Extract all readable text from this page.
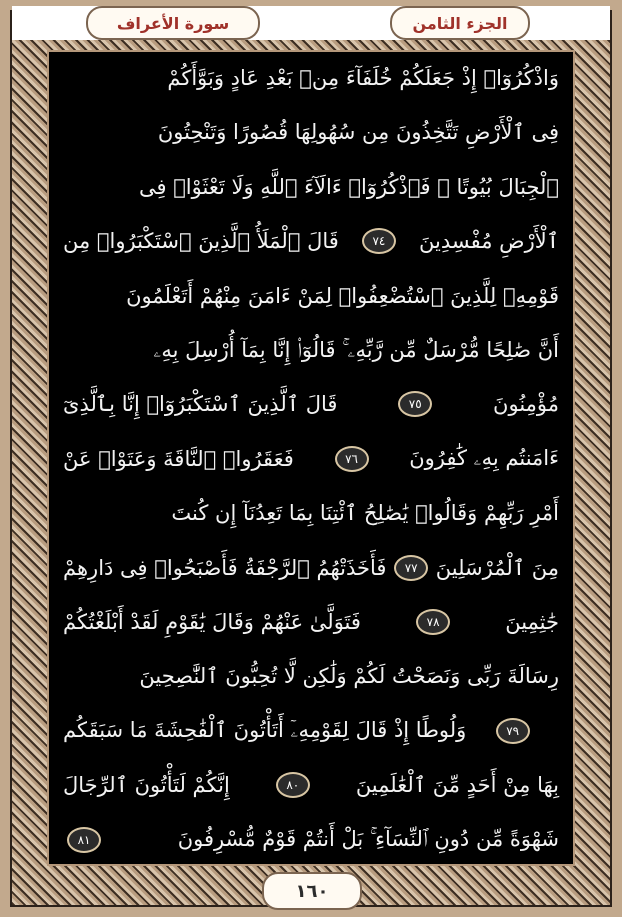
الجزء الثامن
سورة الأعراف
وَاذْكُرُوٓا۟ إِذْ جَعَلَكُمْ خُلَفَآءَ مِنۢ بَعْدِ عَادٍ وَبَوَّأَكُمْ
فِى ٱلْأَرْضِ تَتَّخِذُونَ مِن سُهُولِهَا قُصُورًا وَتَنْحِتُونَ
ٱلْجِبَالَ بُيُوتًا ۖ فَٱذْكُرُوٓا۟ ءَالَآءَ ٱللَّهِ وَلَا تَعْثَوْا۟ فِى
ٱلْأَرْضِ مُفْسِدِينَ
٧٤
قَالَ ٱلْمَلَأُ ٱلَّذِينَ ٱسْتَكْبَرُوا۟ مِن
قَوْمِهِۦ لِلَّذِينَ ٱسْتُضْعِفُوا۟ لِمَنْ ءَامَنَ مِنْهُمْ أَتَعْلَمُونَ
أَنَّ صَٰلِحًا مُّرْسَلٌ مِّن رَّبِّهِۦ ۚ قَالُوٓا۟ إِنَّا بِمَآ أُرْسِلَ بِهِۦ
مُؤْمِنُونَ
٧٥
قَالَ ٱلَّذِينَ ٱسْتَكْبَرُوٓا۟ إِنَّا بِٱلَّذِىٓ
ءَامَنتُم بِهِۦ كَٰفِرُونَ
٧٦
فَعَقَرُوا۟ ٱلنَّاقَةَ وَعَتَوْا۟ عَنْ
أَمْرِ رَبِّهِمْ وَقَالُوا۟ يَٰصَٰلِحُ ٱئْتِنَا بِمَا تَعِدُنَآ إِن كُنتَ
مِنَ ٱلْمُرْسَلِينَ
٧٧
فَأَخَذَتْهُمُ ٱلرَّجْفَةُ فَأَصْبَحُوا۟ فِى دَارِهِمْ
جَٰثِمِينَ
٧٨
فَتَوَلَّىٰ عَنْهُمْ وَقَالَ يَٰقَوْمِ لَقَدْ أَبْلَغْتُكُمْ
رِسَالَةَ رَبِّى وَنَصَحْتُ لَكُمْ وَلَٰكِن لَّا تُحِبُّونَ ٱلنَّٰصِحِينَ
٧٩
وَلُوطًا إِذْ قَالَ لِقَوْمِهِۦٓ أَتَأْتُونَ ٱلْفَٰحِشَةَ مَا سَبَقَكُم
بِهَا مِنْ أَحَدٍ مِّنَ ٱلْعَٰلَمِينَ
٨٠
إِنَّكُمْ لَتَأْتُونَ ٱلرِّجَالَ
شَهْوَةً مِّن دُونِ ٱلنِّسَآءِ ۚ بَلْ أَنتُمْ قَوْمٌ مُّسْرِفُونَ
٨١
١٦٠
